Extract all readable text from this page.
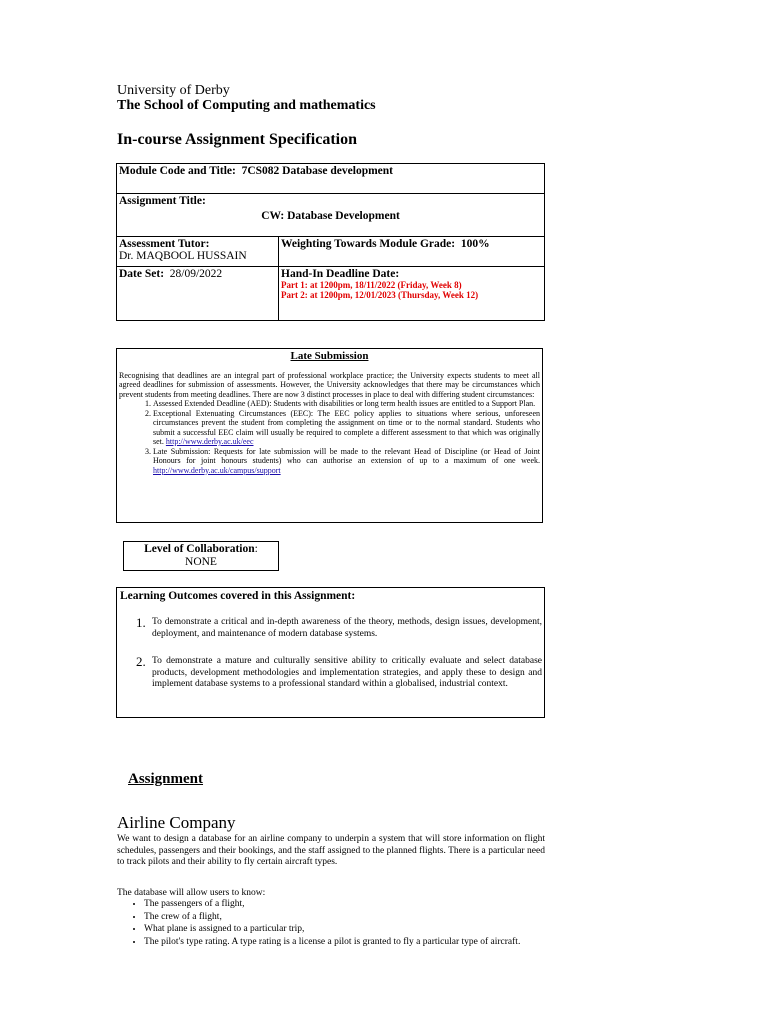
University of Derby
The School of Computing and mathematics
In-course Assignment Specification
Module Code and Title: 7CS082 Database development	

Assignment Title:
CW: Database Development	

Assessment Tutor:
Dr. MAQBOOL HUSSAIN	Weighting Towards Module Grade: 100%
Date Set: 28/09/2022	Hand-In Deadline Date:
Part 1: at 1200pm, 18/11/2022 (Friday, Week 8)
Part 2: at 1200pm, 12/01/2023 (Thursday, Week 12)
Late Submission

Recognising that deadlines are an integral part of professional workplace practice; the University expects students to meet all agreed deadlines for submission of assessments. However, the University acknowledges that there may be circumstances which prevent students from meeting deadlines. There are now 3 distinct processes in place to deal with differing student circumstances:

1. Assessed Extended Deadline (AED): Students with disabilities or long term health issues are entitled to a Support Plan.
2. Exceptional Extenuating Circumstances (EEC): The EEC policy applies to situations where serious, unforeseen circumstances prevent the student from completing the assignment on time or to the normal standard. Students who submit a successful EEC claim will usually be required to complete a different assessment to that which was originally set. http://www.derby.ac.uk/eec
3. Late Submission: Requests for late submission will be made to the relevant Head of Discipline (or Head of Joint Honours for joint honours students) who can authorise an extension of up to a maximum of one week. http://www.derby.ac.uk/campus/support
Level of Collaboration:
NONE
Learning Outcomes covered in this Assignment:
1. To demonstrate a critical and in-depth awareness of the theory, methods, design issues, development, deployment, and maintenance of modern database systems.
2. To demonstrate a mature and culturally sensitive ability to critically evaluate and select database products, development methodologies and implementation strategies, and apply these to design and implement database systems to a professional standard within a globalised, industrial context.
Assignment
Airline Company
We want to design a database for an airline company to underpin a system that will store information on flight schedules, passengers and their bookings, and the staff assigned to the planned flights. There is a particular need to track pilots and their ability to fly certain aircraft types.
The database will allow users to know:
• The passengers of a flight,
• The crew of a flight,
• What plane is assigned to a particular trip,
• The pilot's type rating. A type rating is a license a pilot is granted to fly a particular type of aircraft.
